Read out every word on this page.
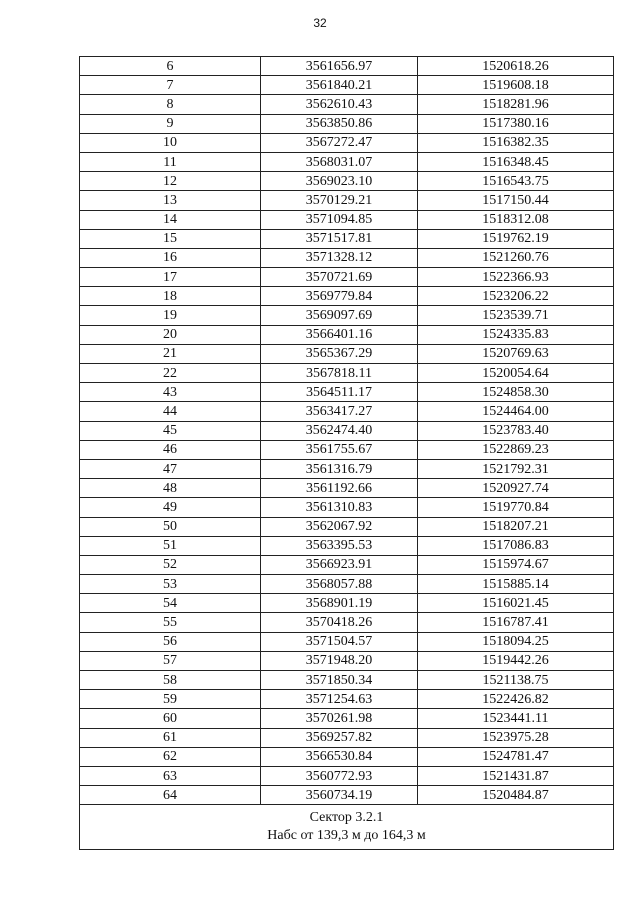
32
6	3561656.97	1520618.26
7	3561840.21	1519608.18
8	3562610.43	1518281.96
9	3563850.86	1517380.16
10	3567272.47	1516382.35
11	3568031.07	1516348.45
12	3569023.10	1516543.75
13	3570129.21	1517150.44
14	3571094.85	1518312.08
15	3571517.81	1519762.19
16	3571328.12	1521260.76
17	3570721.69	1522366.93
18	3569779.84	1523206.22
19	3569097.69	1523539.71
20	3566401.16	1524335.83
21	3565367.29	1520769.63
22	3567818.11	1520054.64
43	3564511.17	1524858.30
44	3563417.27	1524464.00
45	3562474.40	1523783.40
46	3561755.67	1522869.23
47	3561316.79	1521792.31
48	3561192.66	1520927.74
49	3561310.83	1519770.84
50	3562067.92	1518207.21
51	3563395.53	1517086.83
52	3566923.91	1515974.67
53	3568057.88	1515885.14
54	3568901.19	1516021.45
55	3570418.26	1516787.41
56	3571504.57	1518094.25
57	3571948.20	1519442.26
58	3571850.34	1521138.75
59	3571254.63	1522426.82
60	3570261.98	1523441.11
61	3569257.82	1523975.28
62	3566530.84	1524781.47
63	3560772.93	1521431.87
64	3560734.19	1520484.87

Сектор 3.2.1
Набс от 139,3 м до 164,3 м		
